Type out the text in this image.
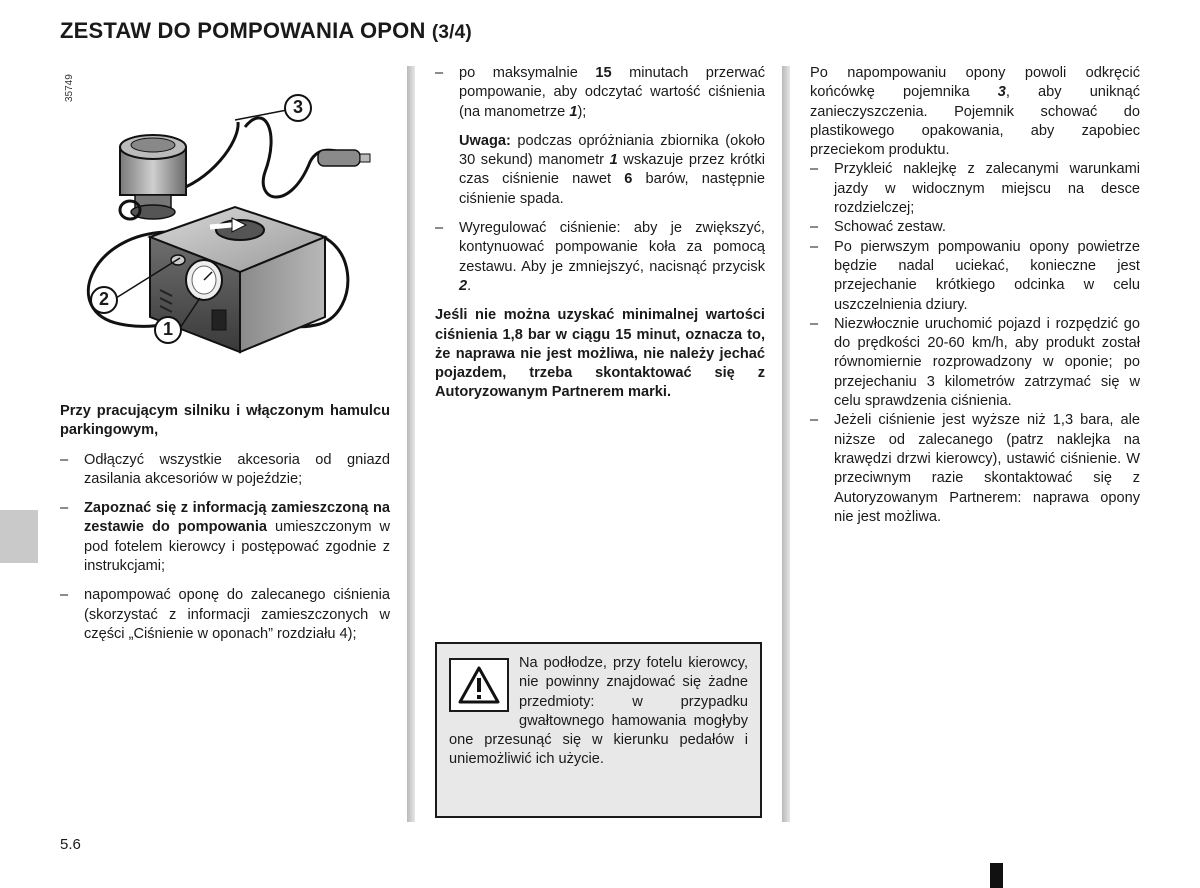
ZESTAW DO POMPOWANIA OPON (3/4)
35749
3
2
1

Przy pracującym silniku i włączonym hamulcu parkingowym,

–	Odłączyć wszystkie akcesoria od gniazd zasilania akcesoriów w pojeździe;
–	Zapoznać się z informacją zamieszczoną na zestawie do pompowania umieszczonym w pod fotelem kierowcy i postępować zgodnie z instrukcjami;
–	napompować oponę do zalecanego ciśnienia (skorzystać z informacji zamieszczonych w części „Ciśnienie w oponach” rozdziału 4);
–	po maksymalnie 15 minutach przerwać pompowanie, aby odczytać wartość ciśnienia (na manometrze 1);

Uwaga: podczas opróżniania zbiornika (około 30 sekund) manometr 1 wskazuje przez krótki czas ciśnienie nawet 6 barów, następnie ciśnienie spada.

–	Wyregulować ciśnienie: aby je zwiększyć, kontynuować pompowanie koła za pomocą zestawu. Aby je zmniejszyć, nacisnąć przycisk 2.

Jeśli nie można uzyskać minimalnej wartości ciśnienia 1,8 bar w ciągu 15 minut, oznacza to, że naprawa nie jest możliwa, nie należy jechać pojazdem, trzeba skontaktować się z Autoryzowanym Partnerem marki.

Na podłodze, przy fotelu kierowcy, nie powinny znajdować się żadne przedmioty: w przypadku gwałtownego hamowania mogłyby one przesunąć się w kierunku pedałów i uniemożliwić ich użycie.

Po napompowaniu opony powoli odkręcić końcówkę pojemnika 3, aby uniknąć zanieczyszczenia. Pojemnik schować do plastikowego opakowania, aby zapobiec przeciekom produktu.

–	Przykleić naklejkę z zalecanymi warunkami jazdy w widocznym miejscu na desce rozdzielczej;
–	Schować zestaw.
–	Po pierwszym pompowaniu opony powietrze będzie nadal uciekać, konieczne jest przejechanie krótkiego odcinka w celu uszczelnienia dziury.
–	Niezwłocznie uruchomić pojazd i rozpędzić go do prędkości 20-60 km/h, aby produkt został równomiernie rozprowadzony w oponie; po przejechaniu 3 kilometrów zatrzymać się w celu sprawdzenia ciśnienia.
–	Jeżeli ciśnienie jest wyższe niż 1,3 bara, ale niższe od zalecanego (patrz naklejka na krawędzi drzwi kierowcy), ustawić ciśnienie. W przeciwnym razie skontaktować się z Autoryzowanym Partnerem: naprawa opony nie jest możliwa.
5.6
